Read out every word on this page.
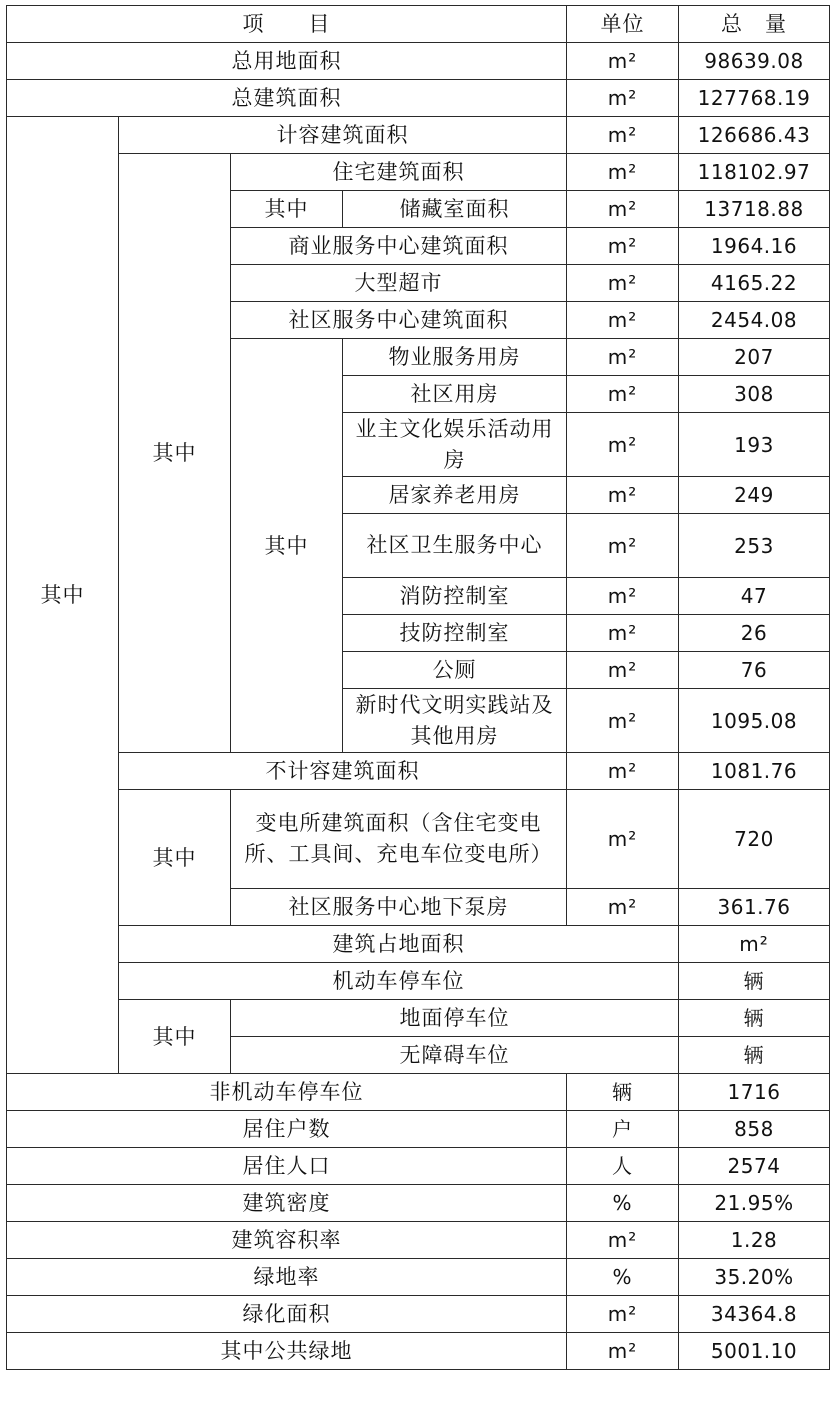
项　　目				单位	总　量	
总用地面积				m²	98639.08	
总建筑面积				m²	127768.19	
其中	计容建筑面积			m²	126686.43	
	其中	住宅建筑面积		m²	118102.97	
		其中	储藏室面积	m²	13718.88	
		商业服务中心建筑面积		m²	1964.16	
		大型超市		m²	4165.22	
		社区服务中心建筑面积		m²	2454.08	
		其中	物业服务用房	m²	207	
			社区用房	m²	308	
			业主文化娱乐活动用房	m²	193	
			居家养老用房	m²	249	
			社区卫生服务中心	m²	253	
			消防控制室	m²	47	
			技防控制室	m²	26	
			公厕	m²	76	
			新时代文明实践站及其他用房	m²	1095.08	
	不计容建筑面积			m²	1081.76	
	其中	变电所建筑面积（含住宅变电所、工具间、充电车位变电所）		m²	720	
		社区服务中心地下泵房		m²	361.76	
	建筑占地面积				m²	
	机动车停车位				辆	
	其中	地面停车位			辆	
		无障碍车位			辆	
非机动车停车位				辆	1716	
居住户数				户	858	
居住人口				人	2574	
建筑密度				%	21.95%	
建筑容积率				m²	1.28	
绿地率				%	35.20%	
绿化面积				m²	34364.8	
其中公共绿地				m²	5001.10	
